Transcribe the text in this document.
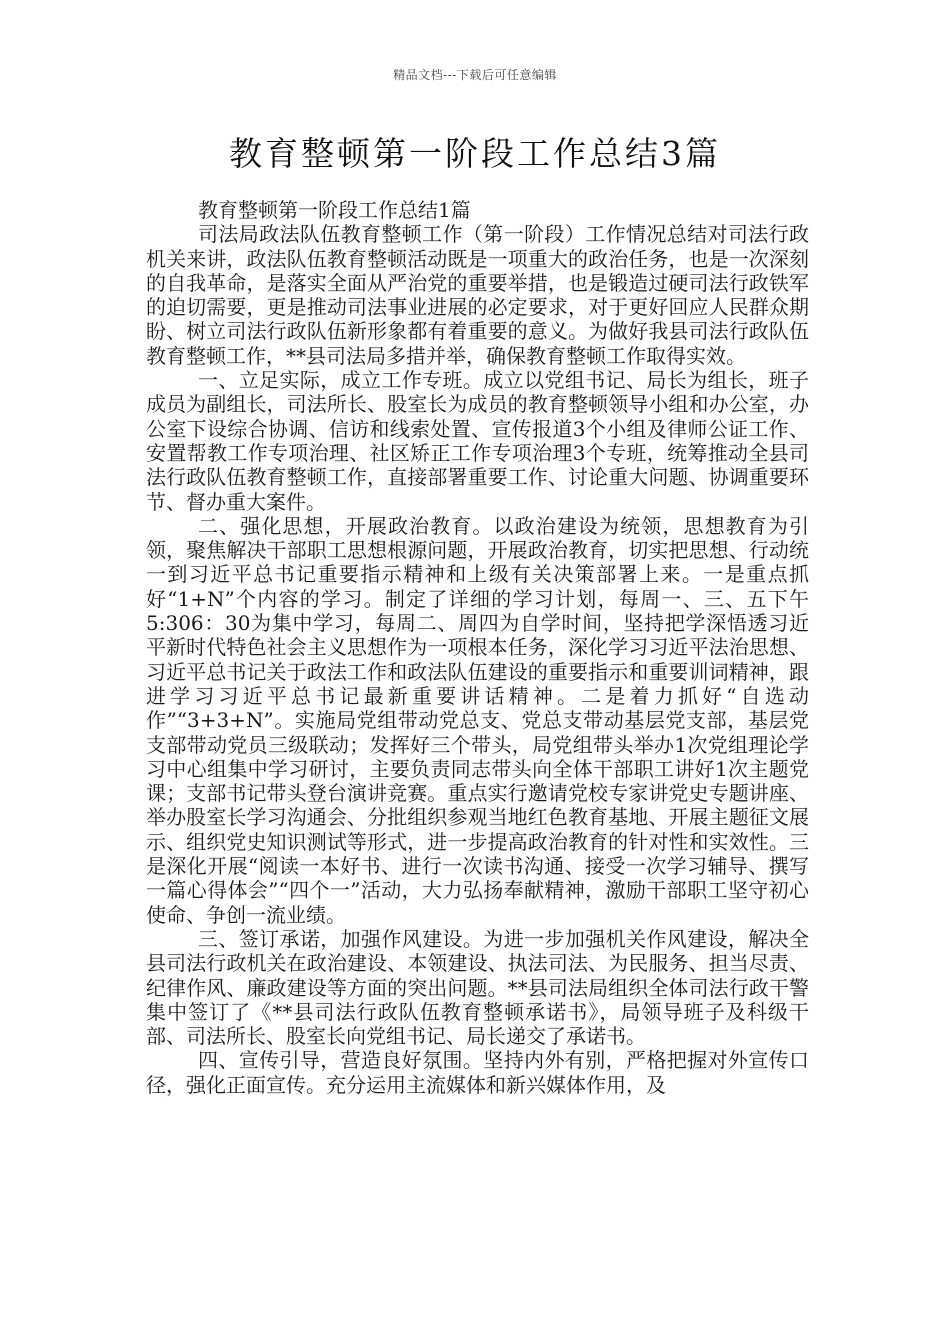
精品文档---下载后可任意编辑
教育整顿第一阶段工作总结3篇

教育整顿第一阶段工作总结1篇

司法局政法队伍教育整顿工作（第一阶段）工作情况总结对司法行政机关来讲，政法队伍教育整顿活动既是一项重大的政治任务，也是一次深刻的自我革命，是落实全面从严治党的重要举措，也是锻造过硬司法行政铁军的迫切需要，更是推动司法事业进展的必定要求，对于更好回应人民群众期盼、树立司法行政队伍新形象都有着重要的意义。为做好我县司法行政队伍教育整顿工作，**县司法局多措并举，确保教育整顿工作取得实效。

一、立足实际，成立工作专班。成立以党组书记、局长为组长，班子成员为副组长，司法所长、股室长为成员的教育整顿领导小组和办公室，办公室下设综合协调、信访和线索处置、宣传报道3个小组及律师公证工作、安置帮教工作专项治理、社区矫正工作专项治理3个专班，统筹推动全县司法行政队伍教育整顿工作，直接部署重要工作、讨论重大问题、协调重要环节、督办重大案件。

二、强化思想，开展政治教育。以政治建设为统领，思想教育为引领，聚焦解决干部职工思想根源问题，开展政治教育，切实把思想、行动统一到习近平总书记重要指示精神和上级有关决策部署上来。一是重点抓好“1+N”个内容的学习。制定了详细的学习计划，每周一、三、五下午5:306：30为集中学习，每周二、周四为自学时间，坚持把学深悟透习近平新时代特色社会主义思想作为一项根本任务，深化学习习近平法治思想、习近平总书记关于政法工作和政法队伍建设的重要指示和重要训词精神，跟进学习习近平总书记最新重要讲话精神。二是着力抓好“自选动作”“3+3+N”。实施局党组带动党总支、党总支带动基层党支部，基层党支部带动党员三级联动；发挥好三个带头，局党组带头举办1次党组理论学习中心组集中学习研讨，主要负责同志带头向全体干部职工讲好1次主题党课；支部书记带头登台演讲竞赛。重点实行邀请党校专家讲党史专题讲座、举办股室长学习沟通会、分批组织参观当地红色教育基地、开展主题征文展示、组织党史知识测试等形式，进一步提高政治教育的针对性和实效性。三是深化开展“阅读一本好书、进行一次读书沟通、接受一次学习辅导、撰写一篇心得体会”“四个一”活动，大力弘扬奉献精神，激励干部职工坚守初心使命、争创一流业绩。

三、签订承诺，加强作风建设。为进一步加强机关作风建设，解决全县司法行政机关在政治建设、本领建设、执法司法、为民服务、担当尽责、纪律作风、廉政建设等方面的突出问题。**县司法局组织全体司法行政干警集中签订了《**县司法行政队伍教育整顿承诺书》，局领导班子及科级干部、司法所长、股室长向党组书记、局长递交了承诺书。

四、宣传引导，营造良好氛围。坚持内外有别，严格把握对外宣传口径，强化正面宣传。充分运用主流媒体和新兴媒体作用，及
